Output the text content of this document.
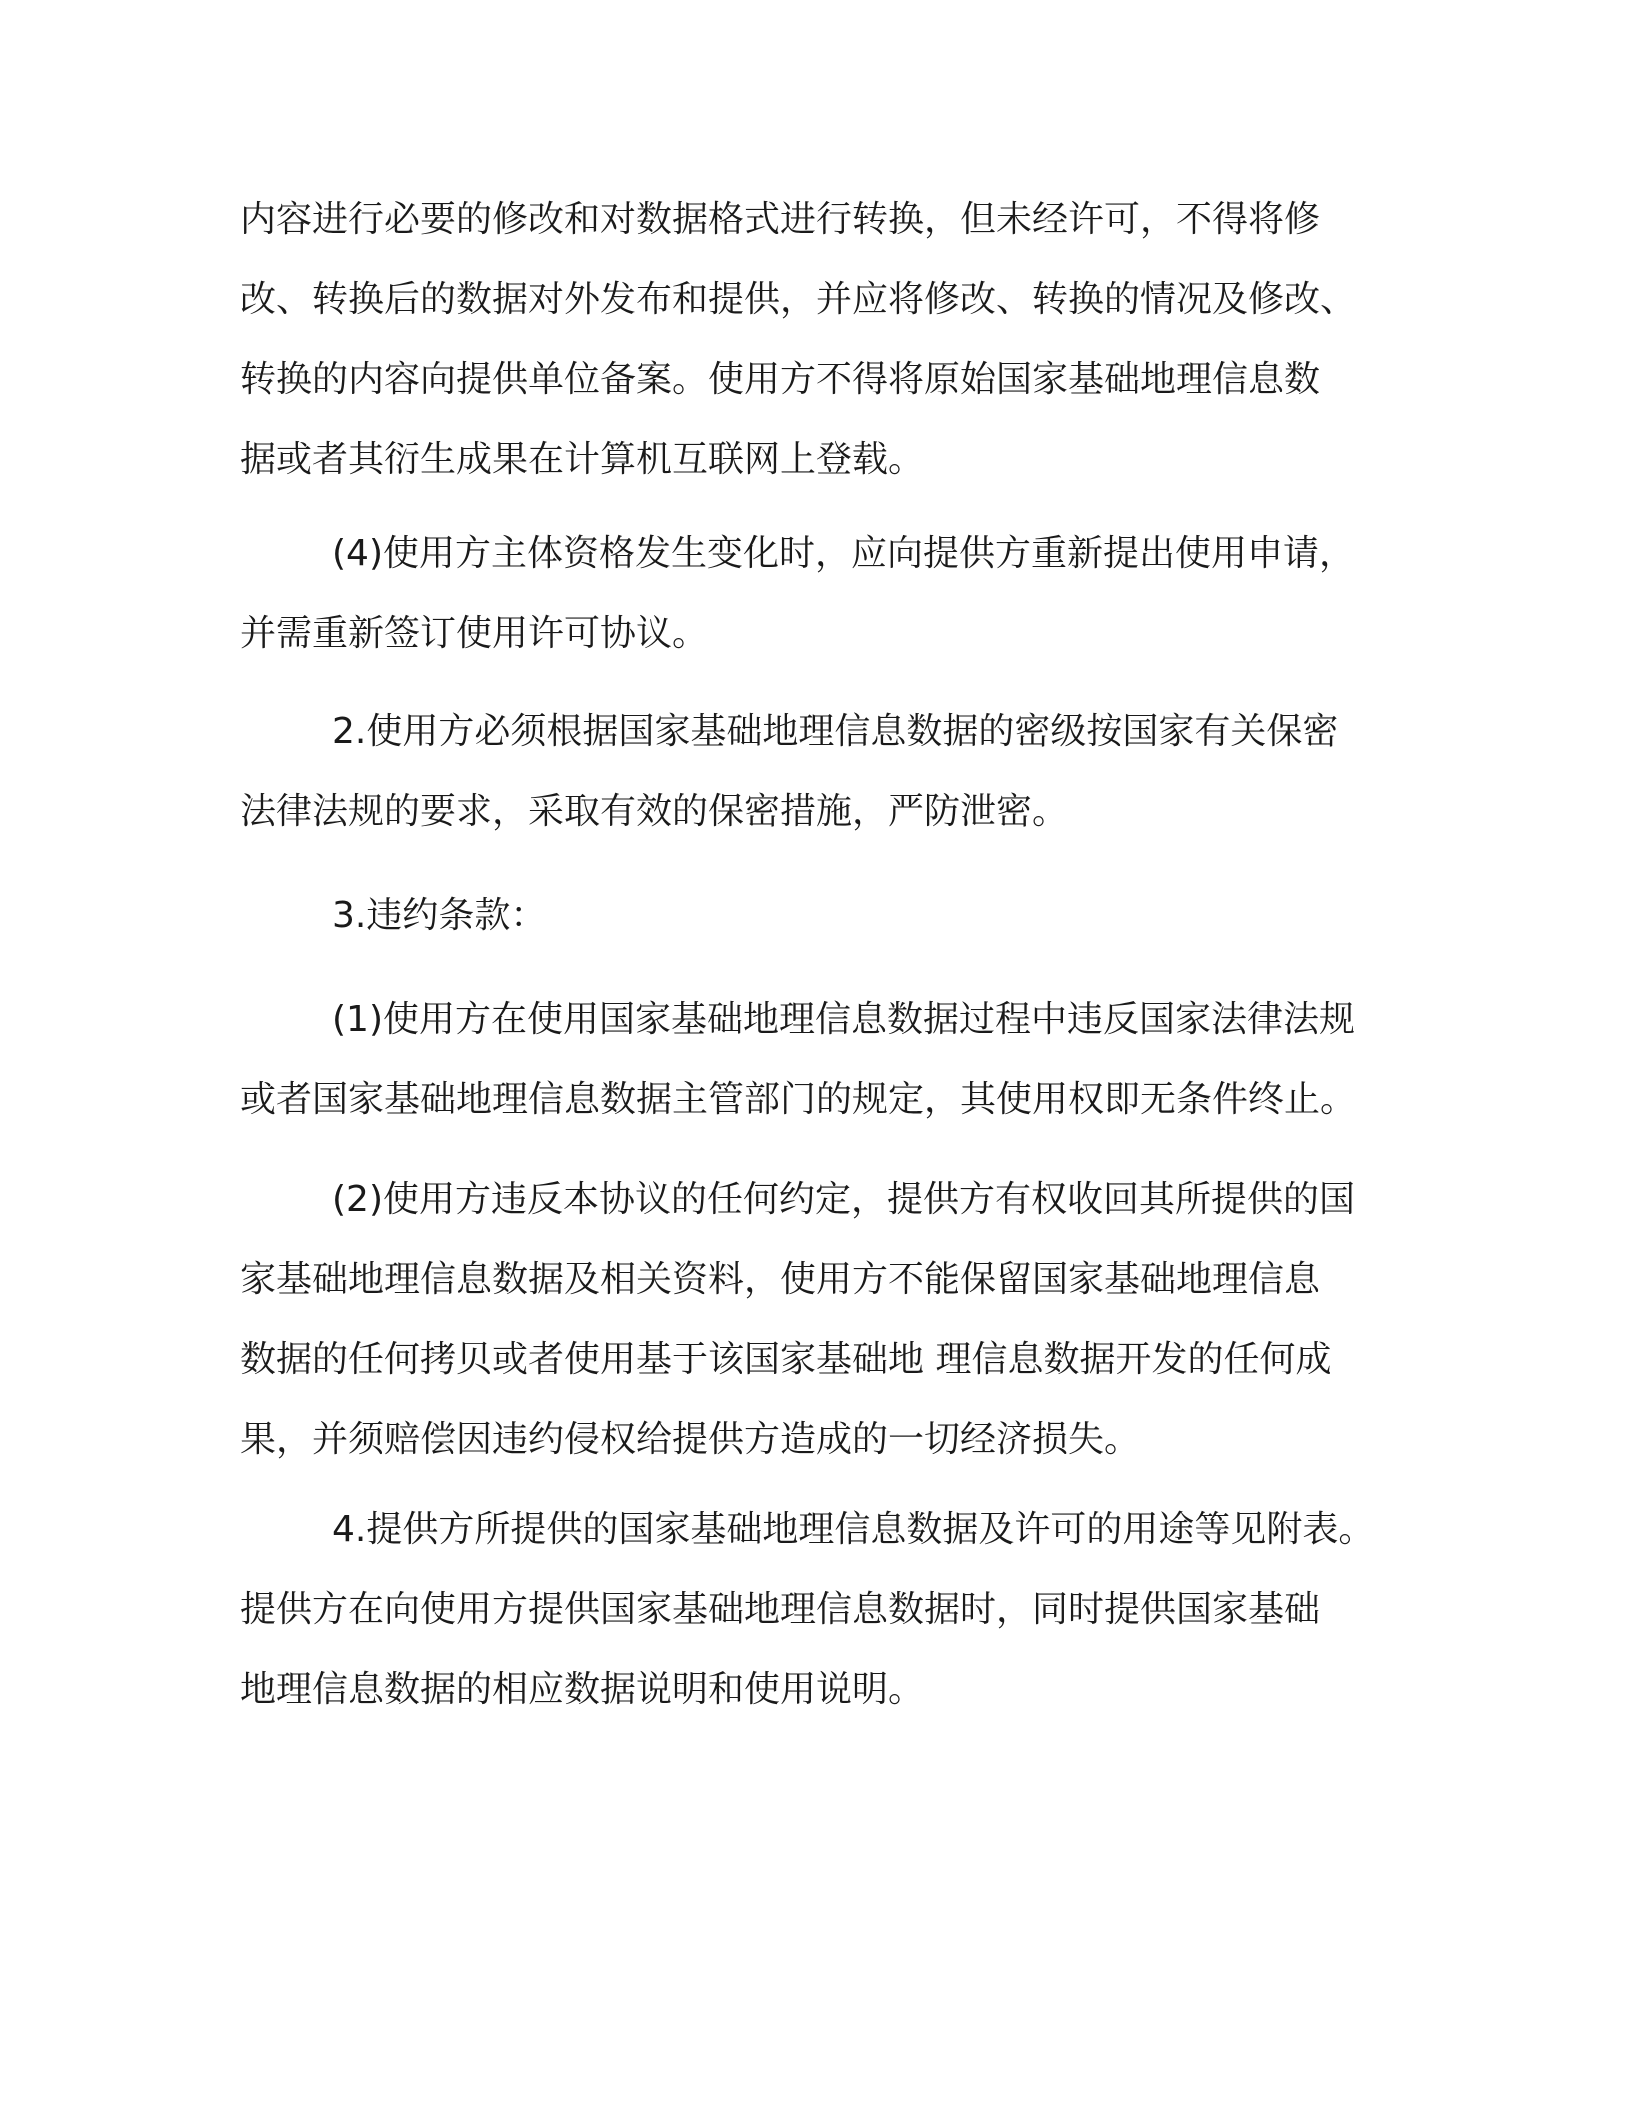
内容进行必要的修改和对数据格式进行转换，但未经许可，不得将修
改、转换后的数据对外发布和提供，并应将修改、转换的情况及修改、
转换的内容向提供单位备案。使用方不得将原始国家基础地理信息数
据或者其衍生成果在计算机互联网上登载。
(4)使用方主体资格发生变化时，应向提供方重新提出使用申请，
并需重新签订使用许可协议。
2.使用方必须根据国家基础地理信息数据的密级按国家有关保密
法律法规的要求，采取有效的保密措施，严防泄密。
3.违约条款：
(1)使用方在使用国家基础地理信息数据过程中违反国家法律法规
或者国家基础地理信息数据主管部门的规定，其使用权即无条件终止。
(2)使用方违反本协议的任何约定，提供方有权收回其所提供的国
家基础地理信息数据及相关资料，使用方不能保留国家基础地理信息
数据的任何拷贝或者使用基于该国家基础地 理信息数据开发的任何成
果，并须赔偿因违约侵权给提供方造成的一切经济损失。
4.提供方所提供的国家基础地理信息数据及许可的用途等见附表。
提供方在向使用方提供国家基础地理信息数据时，同时提供国家基础
地理信息数据的相应数据说明和使用说明。
